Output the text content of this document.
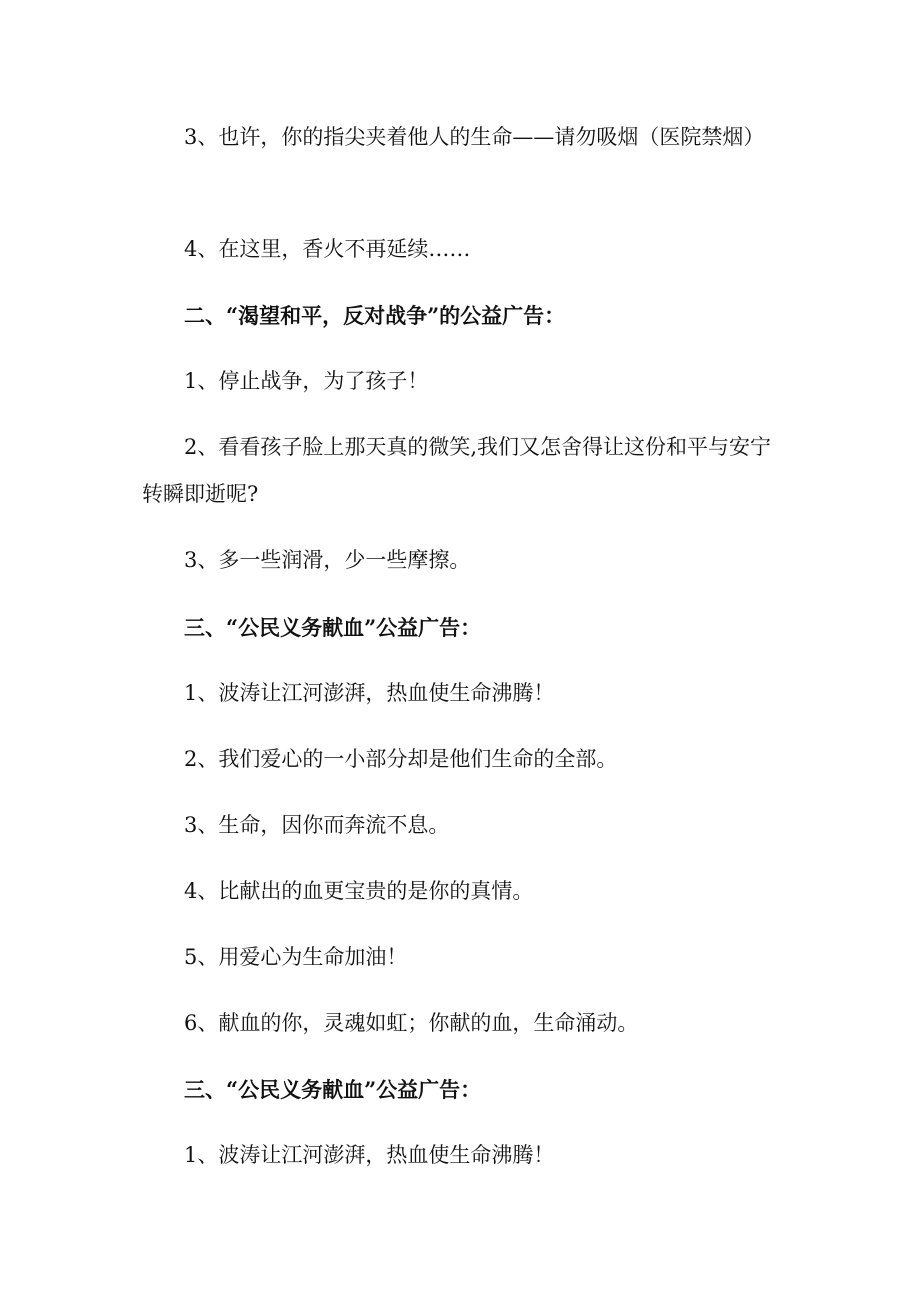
3、也许，你的指尖夹着他人的生命——请勿吸烟（医院禁烟）

4、在这里，香火不再延续……

二、“渴望和平，反对战争”的公益广告：

1、停止战争，为了孩子！

2、看看孩子脸上那天真的微笑,我们又怎舍得让这份和平与安宁转瞬即逝呢?

3、多一些润滑，少一些摩擦。

三、“公民义务献血”公益广告：

1、波涛让江河澎湃，热血使生命沸腾！

2、我们爱心的一小部分却是他们生命的全部。

3、生命，因你而奔流不息。

4、比献出的血更宝贵的是你的真情。

5、用爱心为生命加油！

6、献血的你，灵魂如虹；你献的血，生命涌动。

三、“公民义务献血”公益广告：

1、波涛让江河澎湃，热血使生命沸腾！
